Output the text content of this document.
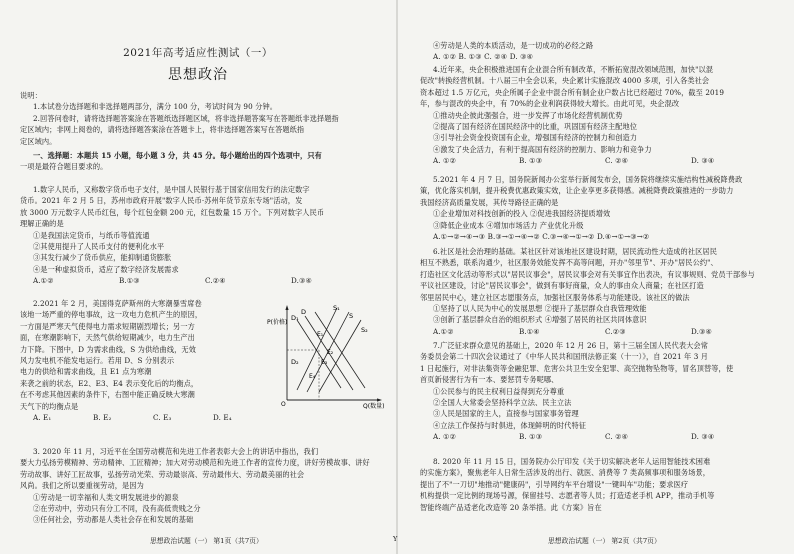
2021年高考适应性测试（一）
思想政治
说明：
1.本试卷分选择题和非选择题两部分，满分 100 分，考试时间为 90 分钟。
2.回答问卷时，请将选择题答案涂在答题纸选择题区域，将非选择题答案写在答题纸非选择题指
定区域内；非网上阅卷的，请将选择题答案涂在答题卡上，将非选择题答案写在答题纸指
定区域内。
一、选择题：本题共 15 小题，每小题 3 分，共 45 分。每小题给出的四个选项中，只有
一项是最符合题目要求的。
1.数字人民币，又称数字货币电子支付，是中国人民银行基于国家信用发行的法定数字
货币。2021 年 2 月 5 日，苏州市政府开展"数字人民币·苏州年货节京东专场"活动，发
放 3000 万元数字人民币红包，每个红包金额 200 元，红包数量 15 万个。下列对数字人民币
理解正确的是
①是我国法定货币，与纸币等值流通
②其使用提升了人民币支付的便利化水平
③其发行减少了货币供应，能抑制通货膨胀
④是一种虚拟货币，适应了数字经济发展需求
A.①②	B.①③	C.②④	D.③④
2.2021 年 2 月，美国得克萨斯州的大寒潮暴雪席卷
该地一场严重的停电事故，这一攻电力危机产生的原因，
一方面是严寒天气使得电力需求短期剧烈增长；另一方
面，在寒潮影响下，天然气供给短期减少，电力生产出
力下降。下图中，D 为需求曲线，S 为供给曲线，无效
风力发电机不能发电运行。若用 D、S 分别表示
电力的供给和需求曲线，且 E1 点为寒潮
来袭之前的状态，E2、E3、E4 表示变化后的均衡点，
在不考虑其他因素的条件下，右图中能正确反映大寒潮
天气下的均衡点是
A. E₁	B. E₂	C. E₃	D. E₄
P(价格)
Q(数量)
O
D₁
D
D₂
S₁
S
S₂
E₁
E₂
E₃
E₄
3. 2020 年 11 月，习近平在全国劳动模范和先进工作者表彰大会上的讲话中指出，我们
要大力弘扬劳模精神、劳动精神、工匠精神；加大对劳动模范和先进工作者的宣传力度，讲好劳模故事、讲好
劳动故事、讲好工匠故事，弘扬劳动光荣、劳动最崇高、劳动最伟大、劳动最美丽的社会
风尚。我们之所以要重视劳动，是因为
①劳动是一切幸福和人类文明发展进步的源泉
②在劳动中，劳动只有分工不同，没有高低贵贱之分
③任何社会，劳动都是人类社会存在和发展的基础
思想政治试题（一） 第1页（共7页）	Y
④劳动是人类的本质活动，是一切成功的必经之路
A. ①② B. ①③ C. ②④ D. ③④
4.近年来，央企积极推进国有企业混合所有制改革，不断拓宽混改领域范围，加快"以混
促改"转换经营机制。十八届三中全会以来，央企累计实施混改 4000 多项，引入各类社会
资本超过 1.5 万亿元，央企所属子企业中混合所有制企业户数占比已经超过 70%，截至 2019
年，参与混改的央企中，有 70%的企业利润获得较大增长。由此可见，央企混改
①推动央企彼此强强合，进一步发挥了市场化经营机制优势
②提高了国有经济在国民经济中的比重，巩固国有经济主配地位
③引导社会资金投资国有企业，增强国有经济的控制力和创造力
④激发了央企活力，有利于提高国有经济的控制力、影响力和竞争力
A. ①②	B. ①③	C. ②④	D. ③④
5.2021 年 4 月 7 日，国务院新闻办公室举行新闻发布会，国务院将继续实施结构性减税降费政
策，优化落实机制，提升税费优惠政策实效，让企业享更多获得感。减税降费政策推进的一步助力
我国经济高质量发展，其传导路径正确的是
①企业增加对科技创新的投入 ②促进我国经济提质增效
③降低企业成本 ④增加市场活力 产业优化升级
A.①→②→④→③ B.③→①→④→② C.③→④→①→② D.④→①→③→②
6.社区是社会治理的基础。某社区针对该地社区建设时期，居民流动性大造成的社区居民
相互不熟悉，联系沟通少，社区服务效能发挥不高等问题，开办"邻里节"、开办"居民公约"、
打造社区文化活动等形式以"居民议事会"，居民议事会对有关事宜作出表决，有议事规则、党员干部参与
平议社区建设，讨论"居民议事会"，做到有事好商量，众人的事由众人商量；在社区打造
邻里居民中心，建立社区志愿服务点，加强社区服务体系与功能建设。该社区的做法
①坚持了以人民为中心的发展思想 ②提升了基层群众自我管理效能
③创新了基层群众自治的组织形式 ④增强了居民的社区共同体意识
A.①②	B.①④	C.②③	D.③④
7.广泛征求群众意见的基础上，2020 年 12 月 26 日，第十三届全国人民代表大会常
务委员会第二十四次会议通过了《中华人民共和国刑法修正案（十一）》，自 2021 年 3 月
1 日起施行，对非法集资等金融犯罪、危害公共卫生安全犯罪、高空抛物坠物等，冒名顶替等，使
首页新侵害行为有一本、要惩罚专务呢哪、
①公民参与的民主权利日益得到充分尊重
②全国人大常委会坚持科学立法、民主立法
③人民是国家的主人，直接参与国家事务管理
④立法工作保持与时俱进，体现鲜明的时代特征
A. ①②	B. ①③	C. ②④	D. ③④
8. 2020 年 11 月 15 日，国务院办公厅印发《关于切实解决老年人运用智能技术困难
的实施方案》，聚焦老年人日常生活涉及的出行、就医、消费等 7 类高频事项和服务场景，
提出了不"一刀切"地推动"健康码"，引导网约车平台增设"一键叫车"功能；要求医疗
机构提供一定比例的现场号源，保留挂号、志愿者等人员；打造适老手机 APP，推动手机等
智能终端产品适老化改造等 20 条举措。此《方案》旨在
思想政治试题（一） 第2页（共7页）
